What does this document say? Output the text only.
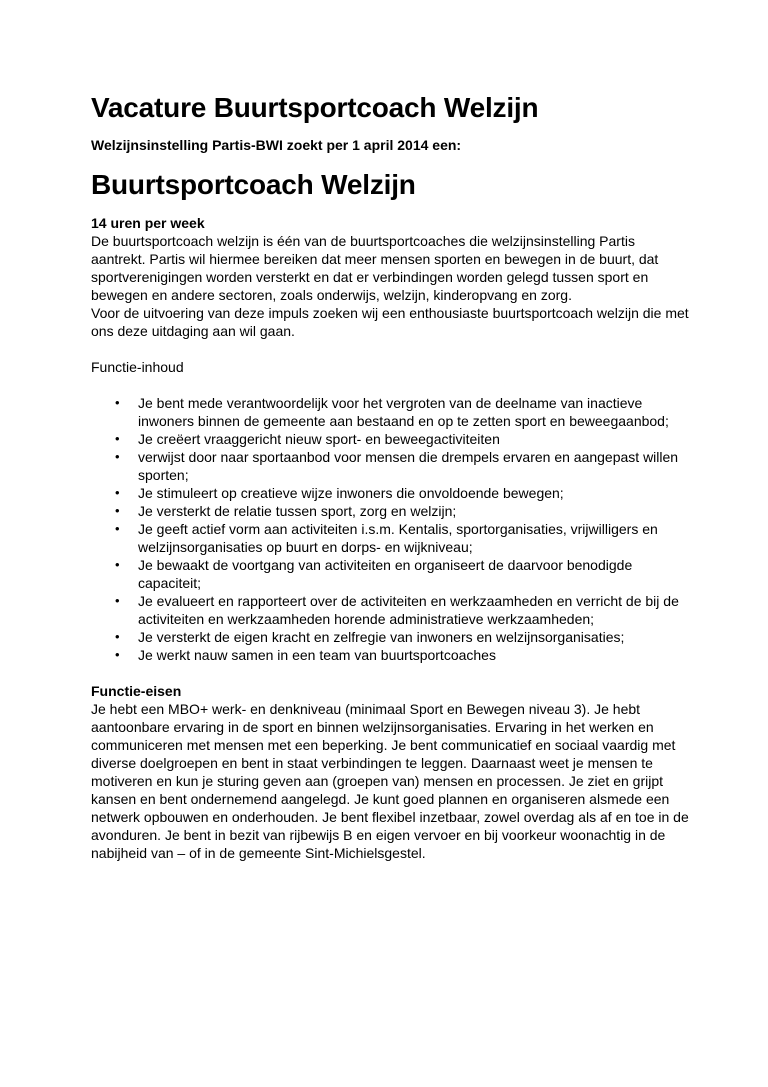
Vacature Buurtsportcoach Welzijn

Welzijnsinstelling Partis-BWI zoekt per 1 april 2014 een:

Buurtsportcoach Welzijn

14 uren per week

De buurtsportcoach welzijn is één van de buurtsportcoaches die welzijnsinstelling Partis aantrekt. Partis wil hiermee bereiken dat meer mensen sporten en bewegen in de buurt, dat sportverenigingen worden versterkt en dat er verbindingen worden gelegd tussen sport en bewegen en andere sectoren, zoals onderwijs, welzijn, kinderopvang en zorg.

Voor de uitvoering van deze impuls zoeken wij een enthousiaste buurtsportcoach welzijn die met ons deze uitdaging aan wil gaan.

Functie-inhoud

• Je bent mede verantwoordelijk voor het vergroten van de deelname van inactieve inwoners binnen de gemeente aan bestaand en op te zetten sport en beweegaanbod;
• Je creëert vraaggericht nieuw sport- en beweegactiviteiten
• verwijst door naar sportaanbod voor mensen die drempels ervaren en aangepast willen sporten;
• Je stimuleert op creatieve wijze inwoners die onvoldoende bewegen;
• Je versterkt de relatie tussen sport, zorg en welzijn;
• Je geeft actief vorm aan activiteiten i.s.m. Kentalis, sportorganisaties, vrijwilligers en welzijnsorganisaties op buurt en dorps- en wijkniveau;
• Je bewaakt de voortgang van activiteiten en organiseert de daarvoor benodigde capaciteit;
• Je evalueert en rapporteert over de activiteiten en werkzaamheden en verricht de bij de activiteiten en werkzaamheden horende administratieve werkzaamheden;
• Je versterkt de eigen kracht en zelfregie van inwoners en welzijnsorganisaties;
• Je werkt nauw samen in een team van buurtsportcoaches

Functie-eisen

Je hebt een MBO+ werk- en denkniveau (minimaal Sport en Bewegen niveau 3). Je hebt aantoonbare ervaring in de sport en binnen welzijnsorganisaties. Ervaring in het werken en communiceren met mensen met een beperking. Je bent communicatief en sociaal vaardig met diverse doelgroepen en bent in staat verbindingen te leggen. Daarnaast weet je mensen te motiveren en kun je sturing geven aan (groepen van) mensen en processen. Je ziet en grijpt kansen en bent ondernemend aangelegd. Je kunt goed plannen en organiseren alsmede een netwerk opbouwen en onderhouden. Je bent flexibel inzetbaar, zowel overdag als af en toe in de avonduren. Je bent in bezit van rijbewijs B en eigen vervoer en bij voorkeur woonachtig in de nabijheid van – of in de gemeente Sint-Michielsgestel.
